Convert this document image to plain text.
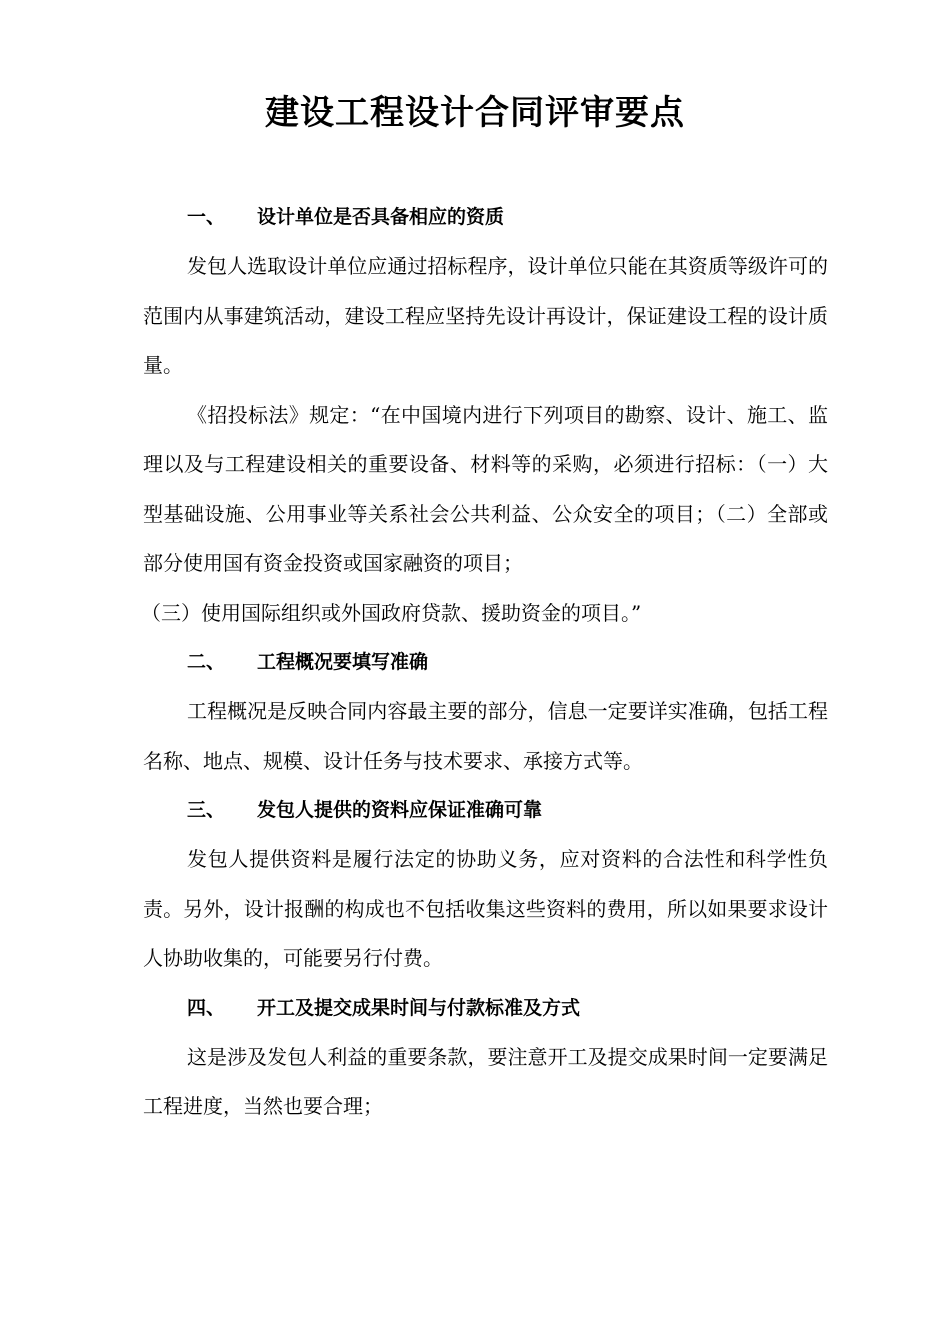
建设工程设计合同评审要点
一、 设计单位是否具备相应的资质

发包人选取设计单位应通过招标程序，设计单位只能在其资质等级许可的范围内从事建筑活动，建设工程应坚持先设计再设计，保证建设工程的设计质量。

《招投标法》规定：“在中国境内进行下列项目的勘察、设计、施工、监理以及与工程建设相关的重要设备、材料等的采购，必须进行招标：（一）大型基础设施、公用事业等关系社会公共利益、公众安全的项目；（二）全部或部分使用国有资金投资或国家融资的项目；

（三）使用国际组织或外国政府贷款、援助资金的项目。”

二、 工程概况要填写准确

工程概况是反映合同内容最主要的部分，信息一定要详实准确，包括工程名称、地点、规模、设计任务与技术要求、承接方式等。

三、 发包人提供的资料应保证准确可靠

发包人提供资料是履行法定的协助义务，应对资料的合法性和科学性负责。另外，设计报酬的构成也不包括收集这些资料的费用，所以如果要求设计人协助收集的，可能要另行付费。

四、 开工及提交成果时间与付款标准及方式

这是涉及发包人利益的重要条款，要注意开工及提交成果时间一定要满足工程进度，当然也要合理；
